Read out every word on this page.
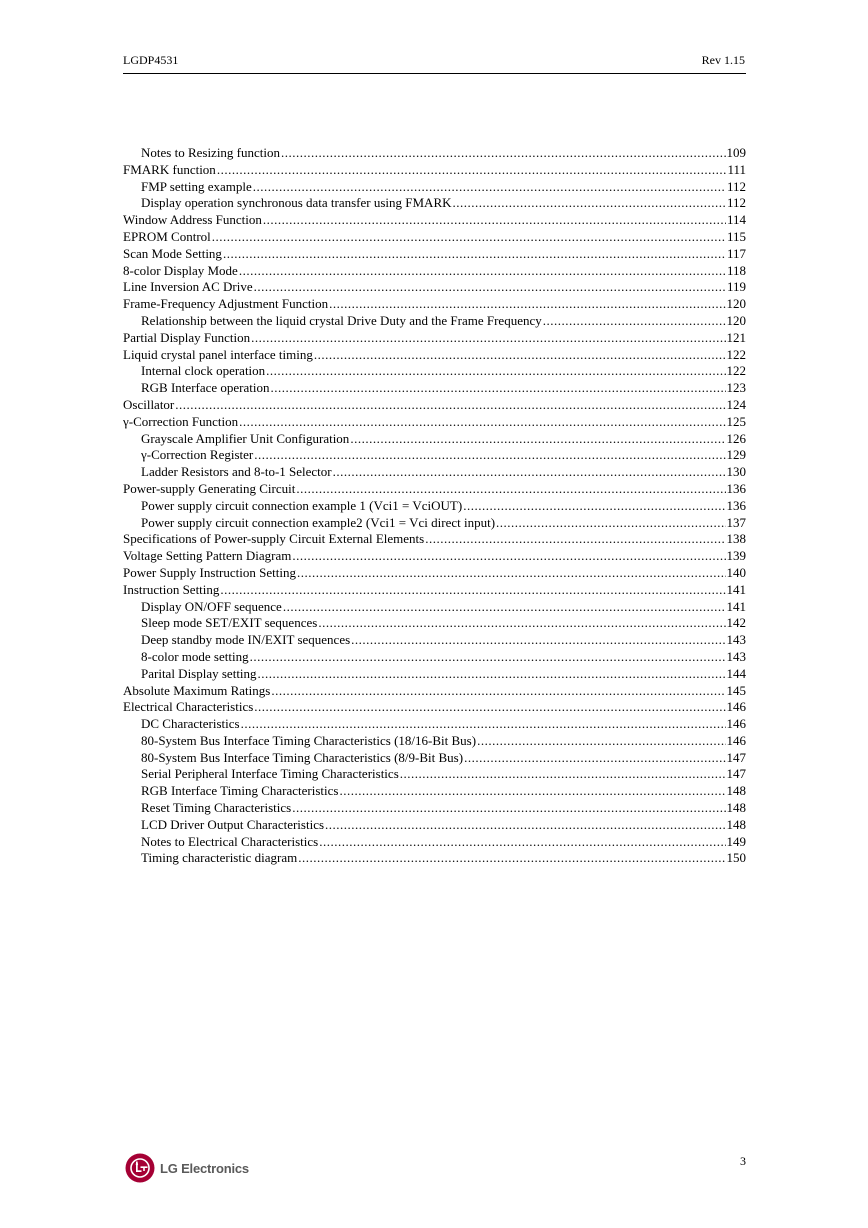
LGDP4531	Rev 1.15
Notes to Resizing function .....	109
FMARK function .....	111
FMP setting example .....	112
Display operation synchronous data transfer using FMARK .....	112
Window Address Function .....	114
EPROM Control .....	115
Scan Mode Setting .....	117
8-color Display Mode .....	118
Line Inversion AC Drive .....	119
Frame-Frequency Adjustment Function .....	120
Relationship between the liquid crystal Drive Duty and the Frame Frequency .....	120
Partial Display Function .....	121
Liquid crystal panel interface timing .....	122
Internal clock operation .....	122
RGB Interface operation .....	123
Oscillator .....	124
γ-Correction Function .....	125
Grayscale Amplifier Unit Configuration .....	126
γ-Correction Register .....	129
Ladder Resistors and 8-to-1 Selector .....	130
Power-supply Generating Circuit .....	136
Power supply circuit connection example 1 (Vci1 = VciOUT) .....	136
Power supply circuit connection example2 (Vci1 = Vci direct input) .....	137
Specifications of Power-supply Circuit External Elements .....	138
Voltage Setting Pattern Diagram .....	139
Power Supply Instruction Setting .....	140
Instruction Setting .....	141
Display ON/OFF sequence .....	141
Sleep mode SET/EXIT sequences .....	142
Deep standby mode IN/EXIT sequences .....	143
8-color mode setting .....	143
Parital Display setting .....	144
Absolute Maximum Ratings .....	145
Electrical Characteristics .....	146
DC Characteristics .....	146
80-System Bus Interface Timing Characteristics (18/16-Bit Bus) .....	146
80-System Bus Interface Timing Characteristics (8/9-Bit Bus) .....	147
Serial Peripheral Interface Timing Characteristics .....	147
RGB Interface Timing Characteristics .....	148
Reset Timing Characteristics .....	148
LCD Driver Output Characteristics .....	148
Notes to Electrical Characteristics .....	149
Timing characteristic diagram .....	150
LG Electronics	3
